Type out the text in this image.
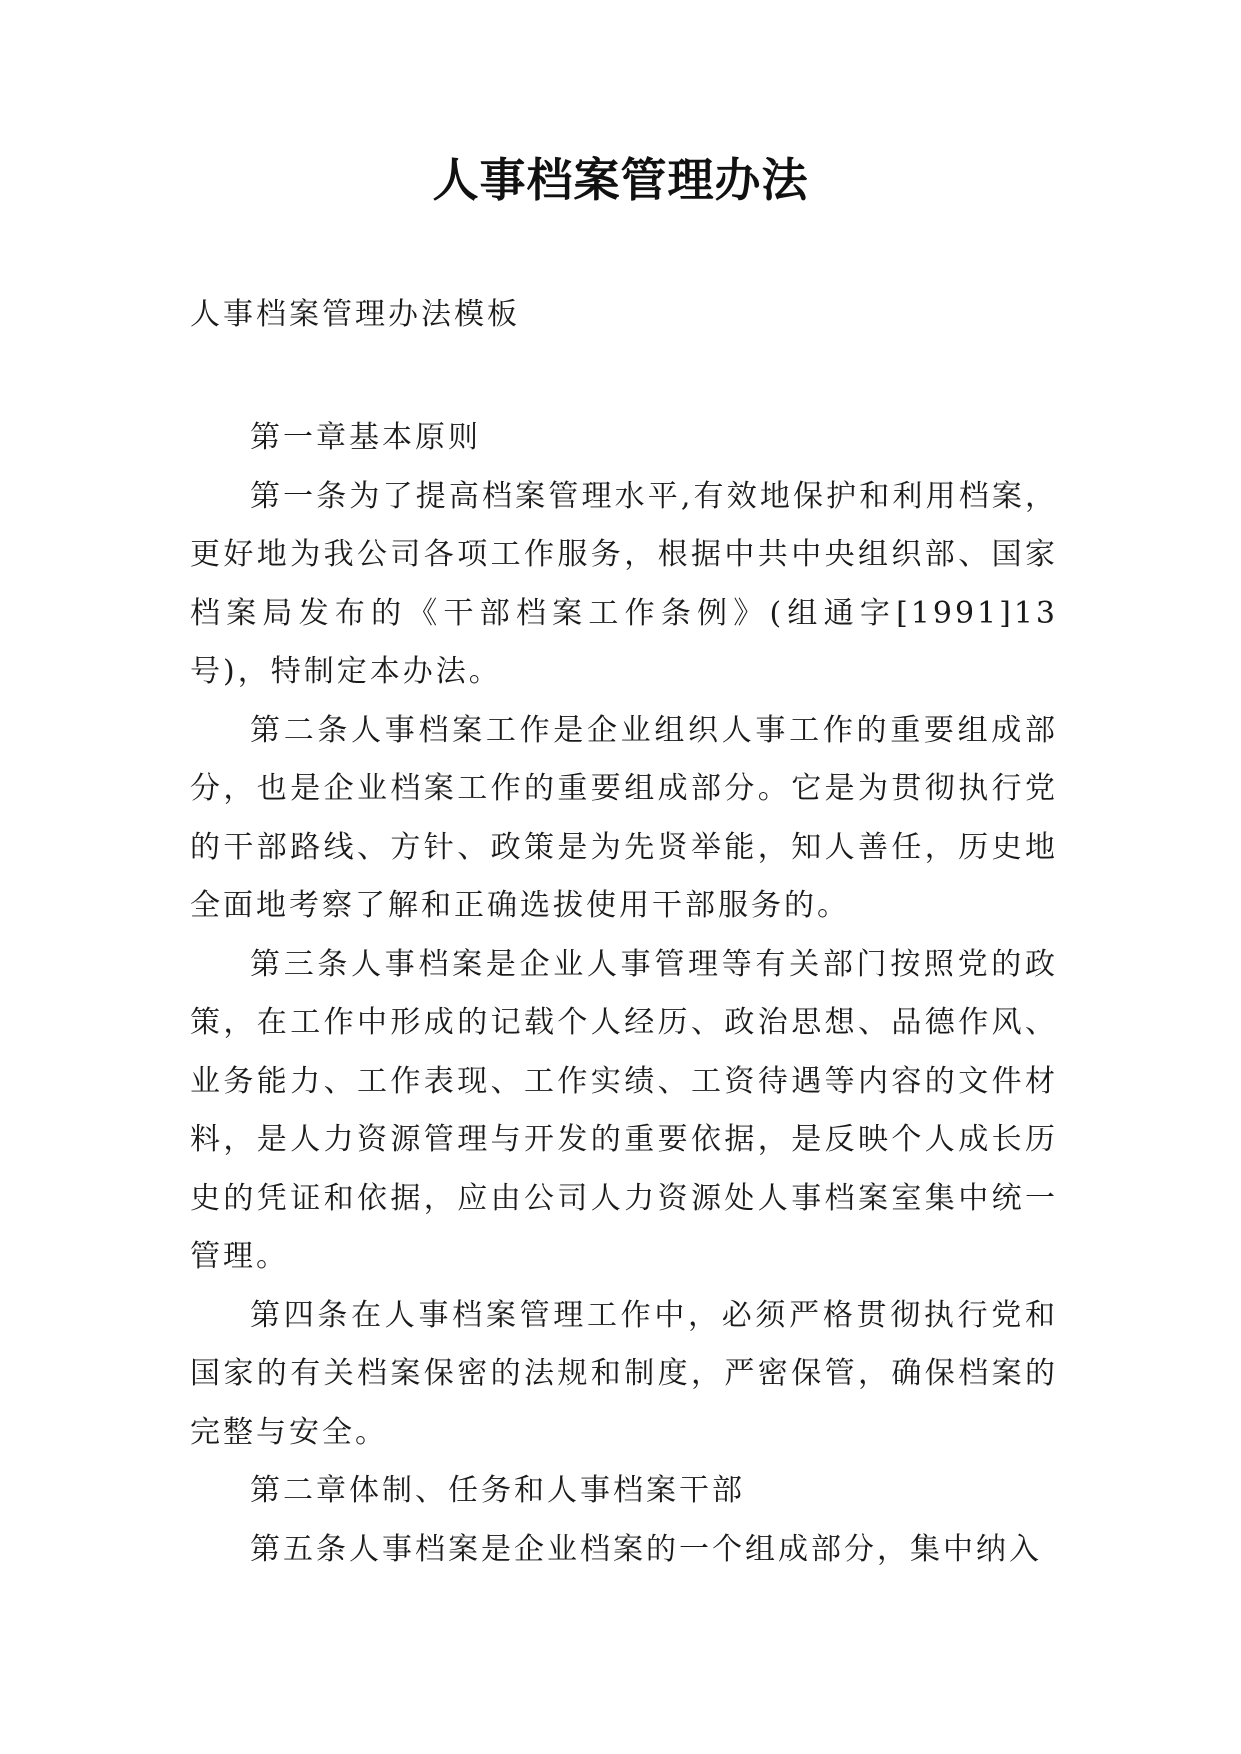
人事档案管理办法
人事档案管理办法模板

第一章基本原则

第一条为了提高档案管理水平,有效地保护和利用档案，更好地为我公司各项工作服务，根据中共中央组织部、国家档案局发布的《干部档案工作条例》(组通字[1991]13号)，特制定本办法。

第二条人事档案工作是企业组织人事工作的重要组成部分，也是企业档案工作的重要组成部分。它是为贯彻执行党的干部路线、方针、政策是为先贤举能，知人善任，历史地全面地考察了解和正确选拔使用干部服务的。

第三条人事档案是企业人事管理等有关部门按照党的政策，在工作中形成的记载个人经历、政治思想、品德作风、业务能力、工作表现、工作实绩、工资待遇等内容的文件材料，是人力资源管理与开发的重要依据，是反映个人成长历史的凭证和依据，应由公司人力资源处人事档案室集中统一管理。

第四条在人事档案管理工作中，必须严格贯彻执行党和国家的有关档案保密的法规和制度，严密保管，确保档案的完整与安全。

第二章体制、任务和人事档案干部

第五条人事档案是企业档案的一个组成部分，集中纳入
